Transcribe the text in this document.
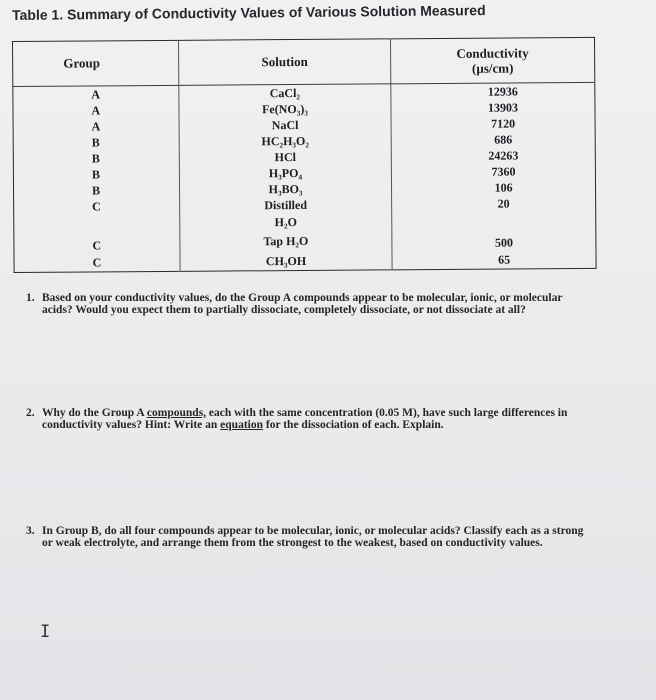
Table 1. Summary of Conductivity Values of Various Solution Measured
Group	Solution	Conductivity
(µs/cm)

A	CaCl₂	12936
A	Fe(NO₃)₃	13903
A	NaCl	7120
B	HC₂H₃O₂	686
B	HCl	24263
B	H₃PO₄	7360
B	H₃BO₃	106
C	Distilled	20
	H₂O	
C	Tap H₂O	500
C	CH₃OH	65
1. Based on your conductivity values, do the Group A compounds appear to be molecular, ionic, or molecular acids? Would you expect them to partially dissociate, completely dissociate, or not dissociate at all?
2. Why do the Group A compounds, each with the same concentration (0.05 M), have such large differences in conductivity values? Hint: Write an equation for the dissociation of each. Explain.
3. In Group B, do all four compounds appear to be molecular, ionic, or molecular acids? Classify each as a strong or weak electrolyte, and arrange them from the strongest to the weakest, based on conductivity values.
I
